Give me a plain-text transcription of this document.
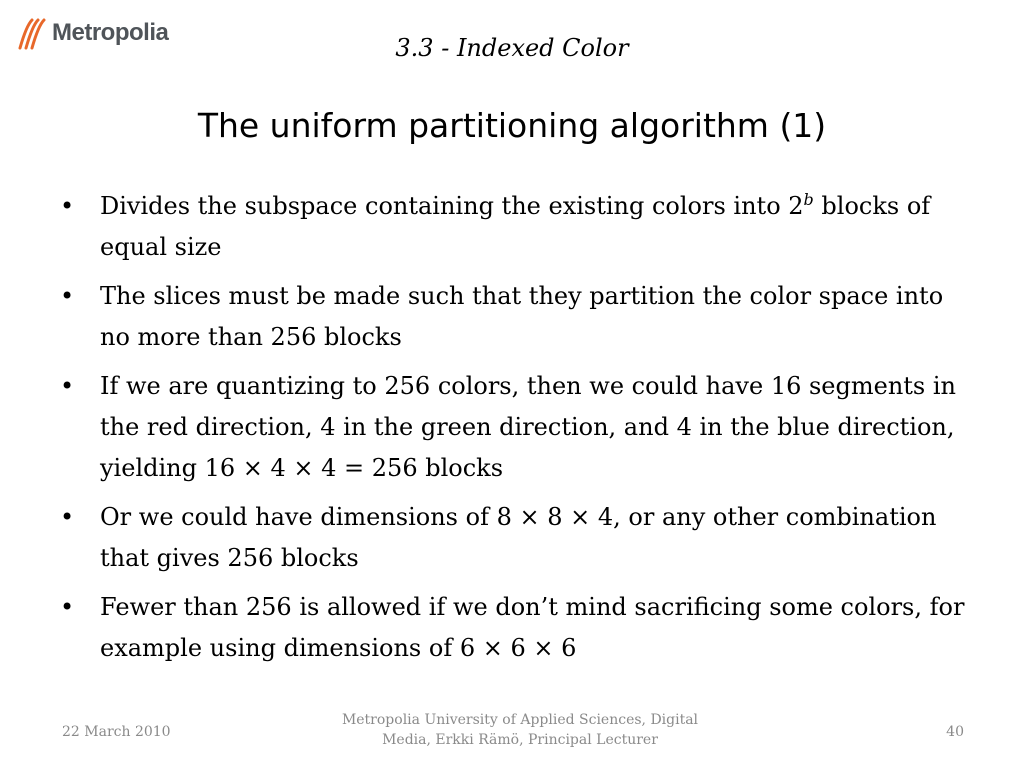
Metropolia
3.3 - Indexed Color
The uniform partitioning algorithm (1)
• Divides the subspace containing the existing colors into 2$^b$ blocks of equal size
• The slices must be made such that they partition the color space into no more than 256 blocks
• If we are quantizing to 256 colors, then we could have 16 segments in the red direction, 4 in the green direction, and 4 in the blue direction, yielding 16 × 4 × 4 = 256 blocks
• Or we could have dimensions of 8 × 8 × 4, or any other combination that gives 256 blocks
• Fewer than 256 is allowed if we don’t mind sacrificing some colors, for example using dimensions of 6 × 6 × 6
22 March 2010
Metropolia University of Applied Sciences, Digital
Media, Erkki Rämö, Principal Lecturer	40
